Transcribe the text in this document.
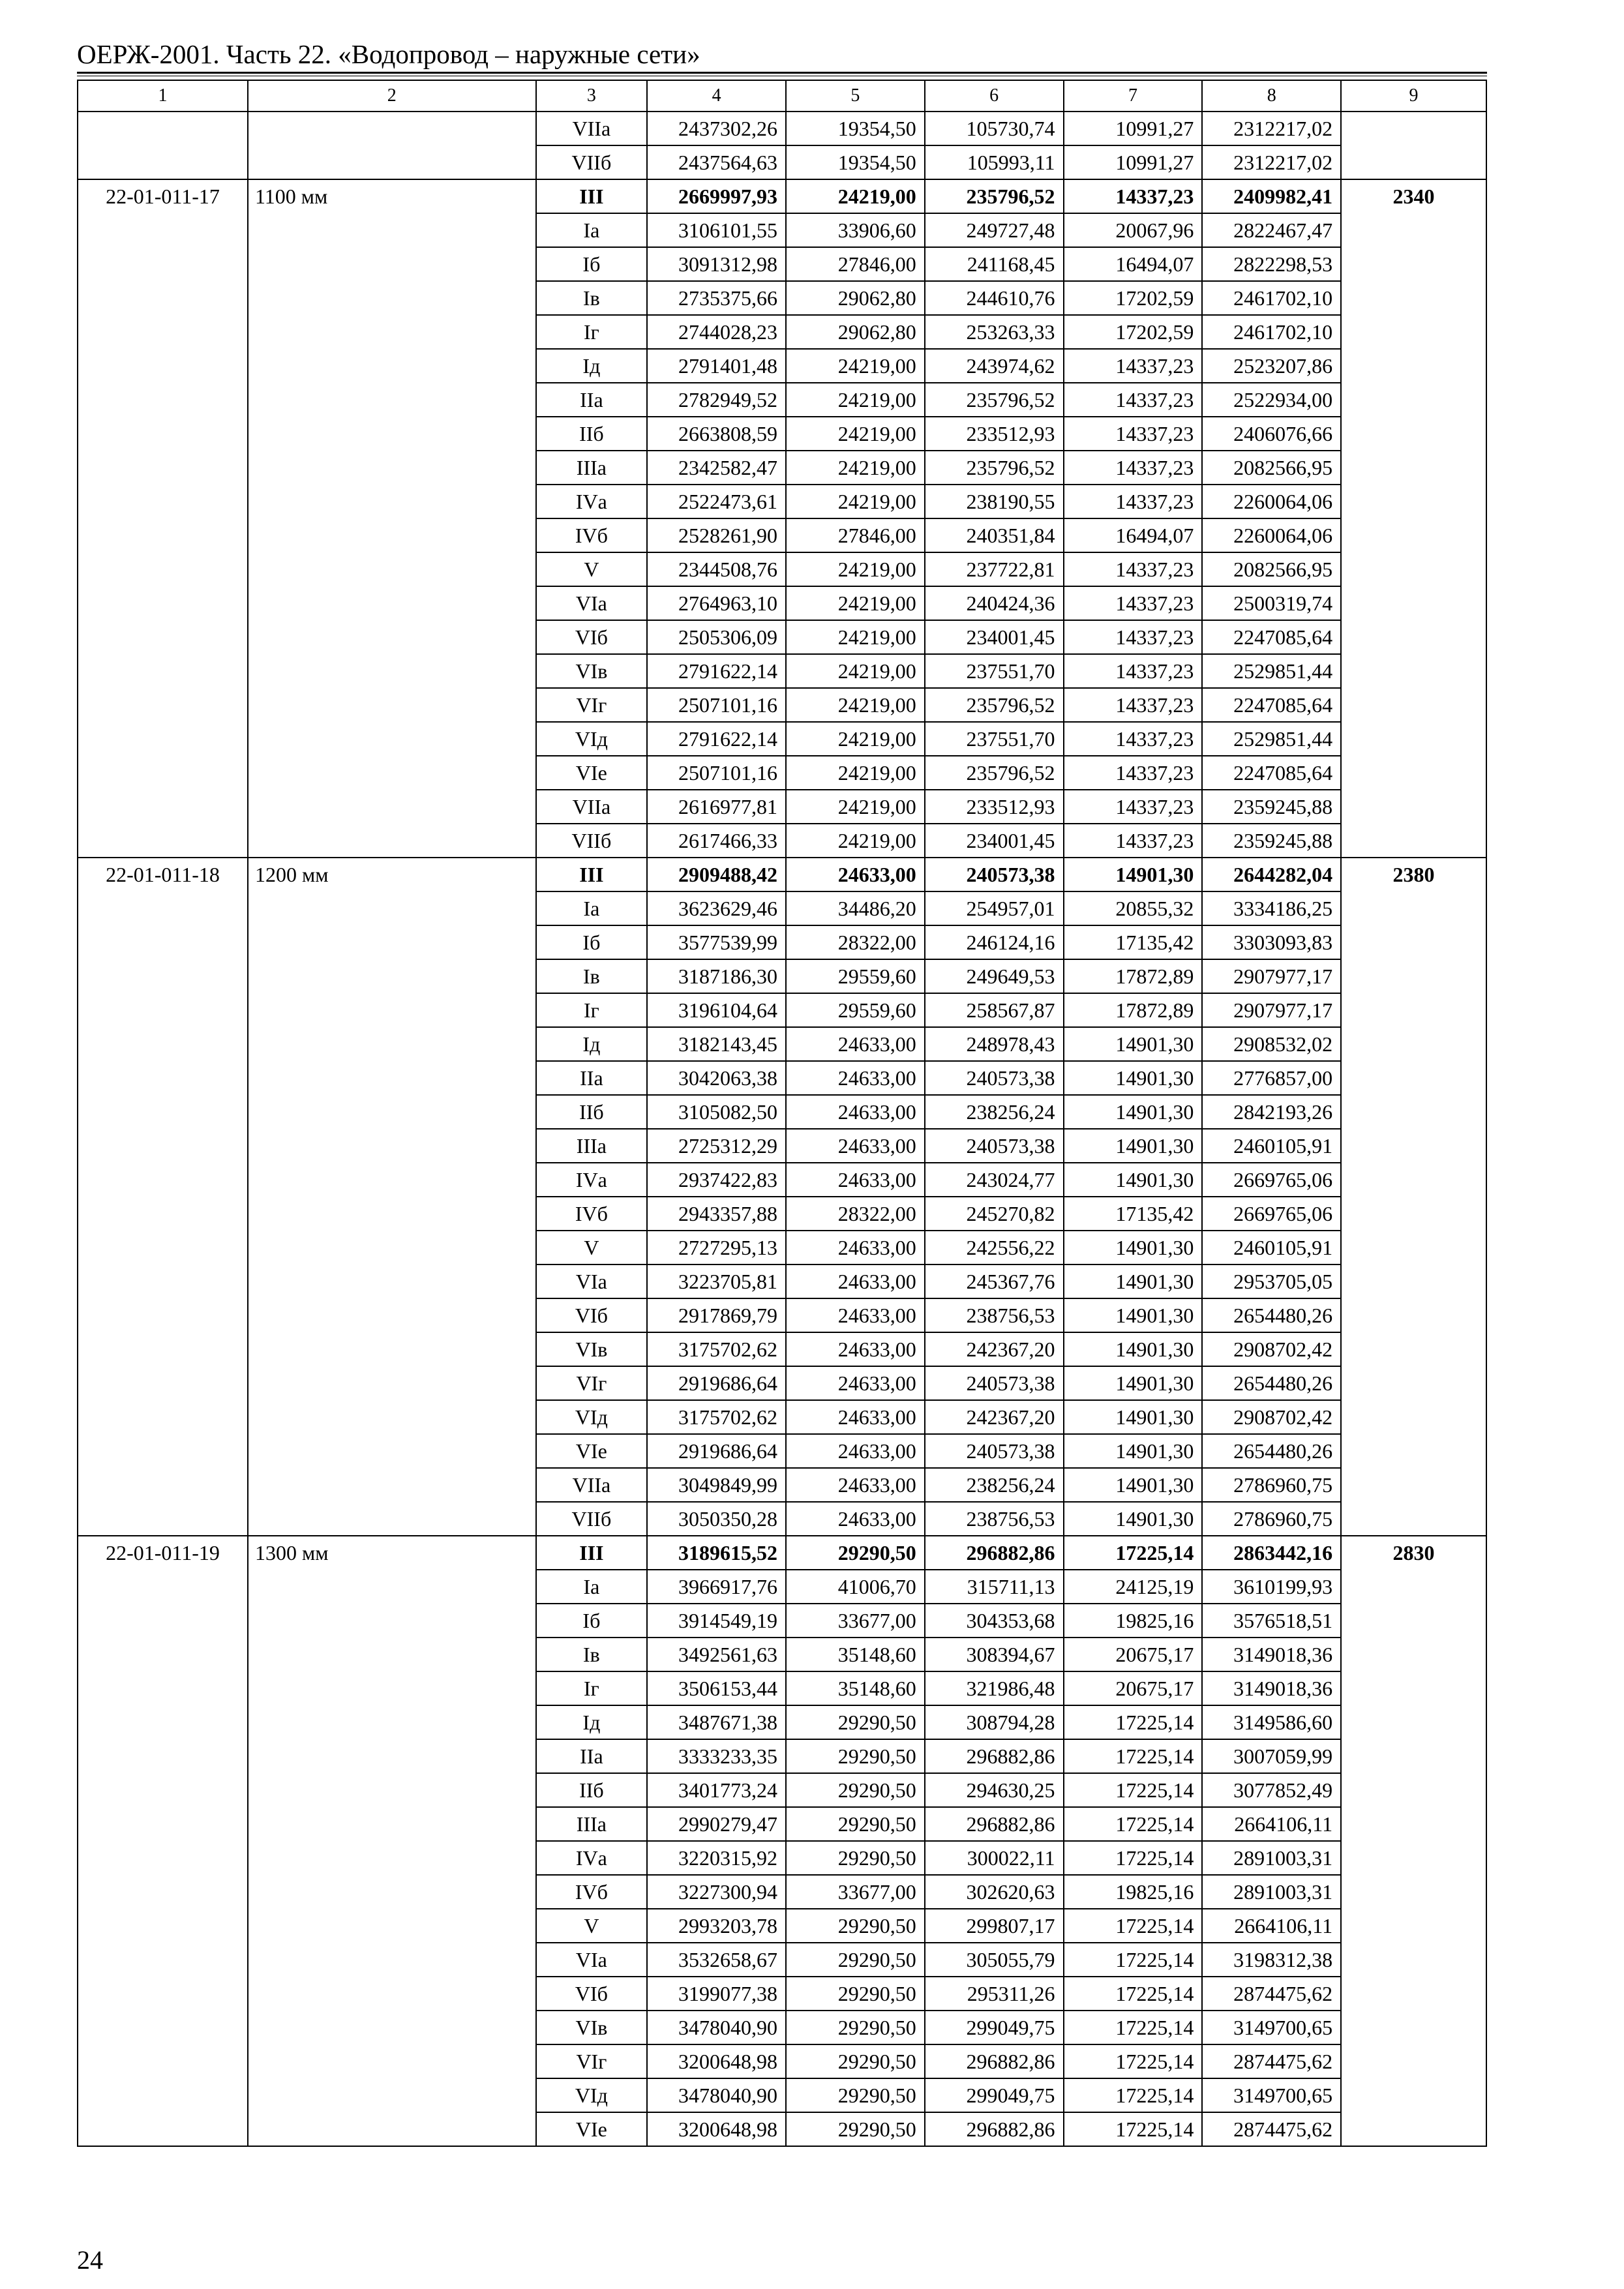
ОЕРЖ-2001. Часть 22. «Водопровод – наружные сети»
1	2	3	4	5	6	7	8	9
		VIIа	2437302,26	19354,50	105730,74	10991,27	2312217,02	
		VIIб	2437564,63	19354,50	105993,11	10991,27	2312217,02	
22-01-011-17	1100 мм	III	2669997,93	24219,00	235796,52	14337,23	2409982,41	2340
		Iа	3106101,55	33906,60	249727,48	20067,96	2822467,47	
		Iб	3091312,98	27846,00	241168,45	16494,07	2822298,53	
		Iв	2735375,66	29062,80	244610,76	17202,59	2461702,10	
		Iг	2744028,23	29062,80	253263,33	17202,59	2461702,10	
		Iд	2791401,48	24219,00	243974,62	14337,23	2523207,86	
		IIа	2782949,52	24219,00	235796,52	14337,23	2522934,00	
		IIб	2663808,59	24219,00	233512,93	14337,23	2406076,66	
		IIIа	2342582,47	24219,00	235796,52	14337,23	2082566,95	
		IVа	2522473,61	24219,00	238190,55	14337,23	2260064,06	
		IVб	2528261,90	27846,00	240351,84	16494,07	2260064,06	
		V	2344508,76	24219,00	237722,81	14337,23	2082566,95	
		VIа	2764963,10	24219,00	240424,36	14337,23	2500319,74	
		VIб	2505306,09	24219,00	234001,45	14337,23	2247085,64	
		VIв	2791622,14	24219,00	237551,70	14337,23	2529851,44	
		VIг	2507101,16	24219,00	235796,52	14337,23	2247085,64	
		VIд	2791622,14	24219,00	237551,70	14337,23	2529851,44	
		VIе	2507101,16	24219,00	235796,52	14337,23	2247085,64	
		VIIа	2616977,81	24219,00	233512,93	14337,23	2359245,88	
		VIIб	2617466,33	24219,00	234001,45	14337,23	2359245,88	
22-01-011-18	1200 мм	III	2909488,42	24633,00	240573,38	14901,30	2644282,04	2380
		Iа	3623629,46	34486,20	254957,01	20855,32	3334186,25	
		Iб	3577539,99	28322,00	246124,16	17135,42	3303093,83	
		Iв	3187186,30	29559,60	249649,53	17872,89	2907977,17	
		Iг	3196104,64	29559,60	258567,87	17872,89	2907977,17	
		Iд	3182143,45	24633,00	248978,43	14901,30	2908532,02	
		IIа	3042063,38	24633,00	240573,38	14901,30	2776857,00	
		IIб	3105082,50	24633,00	238256,24	14901,30	2842193,26	
		IIIа	2725312,29	24633,00	240573,38	14901,30	2460105,91	
		IVа	2937422,83	24633,00	243024,77	14901,30	2669765,06	
		IVб	2943357,88	28322,00	245270,82	17135,42	2669765,06	
		V	2727295,13	24633,00	242556,22	14901,30	2460105,91	
		VIа	3223705,81	24633,00	245367,76	14901,30	2953705,05	
		VIб	2917869,79	24633,00	238756,53	14901,30	2654480,26	
		VIв	3175702,62	24633,00	242367,20	14901,30	2908702,42	
		VIг	2919686,64	24633,00	240573,38	14901,30	2654480,26	
		VIд	3175702,62	24633,00	242367,20	14901,30	2908702,42	
		VIе	2919686,64	24633,00	240573,38	14901,30	2654480,26	
		VIIа	3049849,99	24633,00	238256,24	14901,30	2786960,75	
		VIIб	3050350,28	24633,00	238756,53	14901,30	2786960,75	
22-01-011-19	1300 мм	III	3189615,52	29290,50	296882,86	17225,14	2863442,16	2830
		Iа	3966917,76	41006,70	315711,13	24125,19	3610199,93	
		Iб	3914549,19	33677,00	304353,68	19825,16	3576518,51	
		Iв	3492561,63	35148,60	308394,67	20675,17	3149018,36	
		Iг	3506153,44	35148,60	321986,48	20675,17	3149018,36	
		Iд	3487671,38	29290,50	308794,28	17225,14	3149586,60	
		IIа	3333233,35	29290,50	296882,86	17225,14	3007059,99	
		IIб	3401773,24	29290,50	294630,25	17225,14	3077852,49	
		IIIа	2990279,47	29290,50	296882,86	17225,14	2664106,11	
		IVа	3220315,92	29290,50	300022,11	17225,14	2891003,31	
		IVб	3227300,94	33677,00	302620,63	19825,16	2891003,31	
		V	2993203,78	29290,50	299807,17	17225,14	2664106,11	
		VIа	3532658,67	29290,50	305055,79	17225,14	3198312,38	
		VIб	3199077,38	29290,50	295311,26	17225,14	2874475,62	
		VIв	3478040,90	29290,50	299049,75	17225,14	3149700,65	
		VIг	3200648,98	29290,50	296882,86	17225,14	2874475,62	
		VIд	3478040,90	29290,50	299049,75	17225,14	3149700,65	
		VIе	3200648,98	29290,50	296882,86	17225,14	2874475,62	
24
